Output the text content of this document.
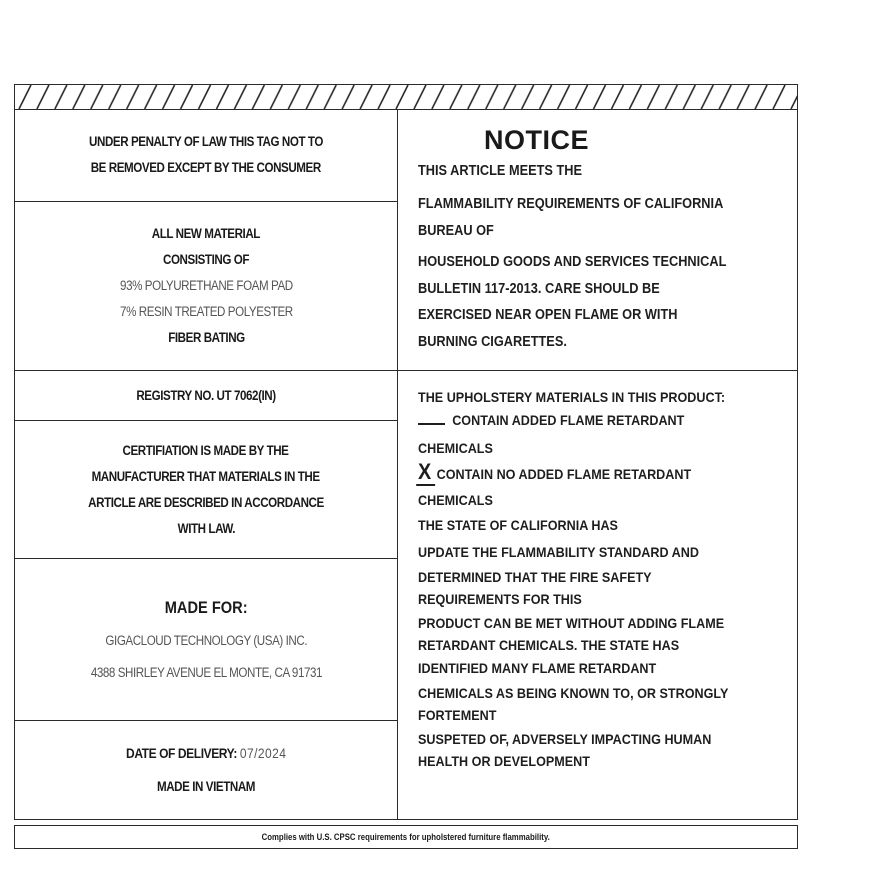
UNDER PENALTY OF LAW THIS TAG NOT TO
BE REMOVED EXCEPT BY THE CONSUMER
ALL NEW MATERIAL
CONSISTING OF
93% POLYURETHANE FOAM PAD
7% RESIN TREATED POLYESTER
FIBER BATING
REGISTRY NO. UT 7062(IN)
CERTIFIATION IS MADE BY THE
MANUFACTURER THAT MATERIALS IN THE
ARTICLE ARE DESCRIBED IN ACCORDANCE
WITH LAW.
MADE FOR:
GIGACLOUD TECHNOLOGY (USA) INC.
4388 SHIRLEY AVENUE EL MONTE, CA 91731
DATE OF DELIVERY: 07/2024
MADE IN VIETNAM
NOTICE
THIS ARTICLE MEETS THE
FLAMMABILITY REQUIREMENTS OF CALIFORNIA
BUREAU OF
HOUSEHOLD GOODS AND SERVICES TECHNICAL
BULLETIN 117-2013. CARE SHOULD BE
EXERCISED NEAR OPEN FLAME OR WITH
BURNING CIGARETTES.
THE UPHOLSTERY MATERIALS IN THIS PRODUCT:
CONTAIN ADDED FLAME RETARDANT
CHEMICALS
XCONTAIN NO ADDED FLAME RETARDANT
CHEMICALS
THE STATE OF CALIFORNIA HAS
UPDATE THE FLAMMABILITY STANDARD AND
DETERMINED THAT THE FIRE SAFETY
REQUIREMENTS FOR THIS
PRODUCT CAN BE MET WITHOUT ADDING FLAME
RETARDANT CHEMICALS. THE STATE HAS
IDENTIFIED MANY FLAME RETARDANT
CHEMICALS AS BEING KNOWN TO, OR STRONGLY
FORTEMENT
SUSPETED OF, ADVERSELY IMPACTING HUMAN
HEALTH OR DEVELOPMENT
Complies with U.S. CPSC requirements for upholstered furniture flammability.
